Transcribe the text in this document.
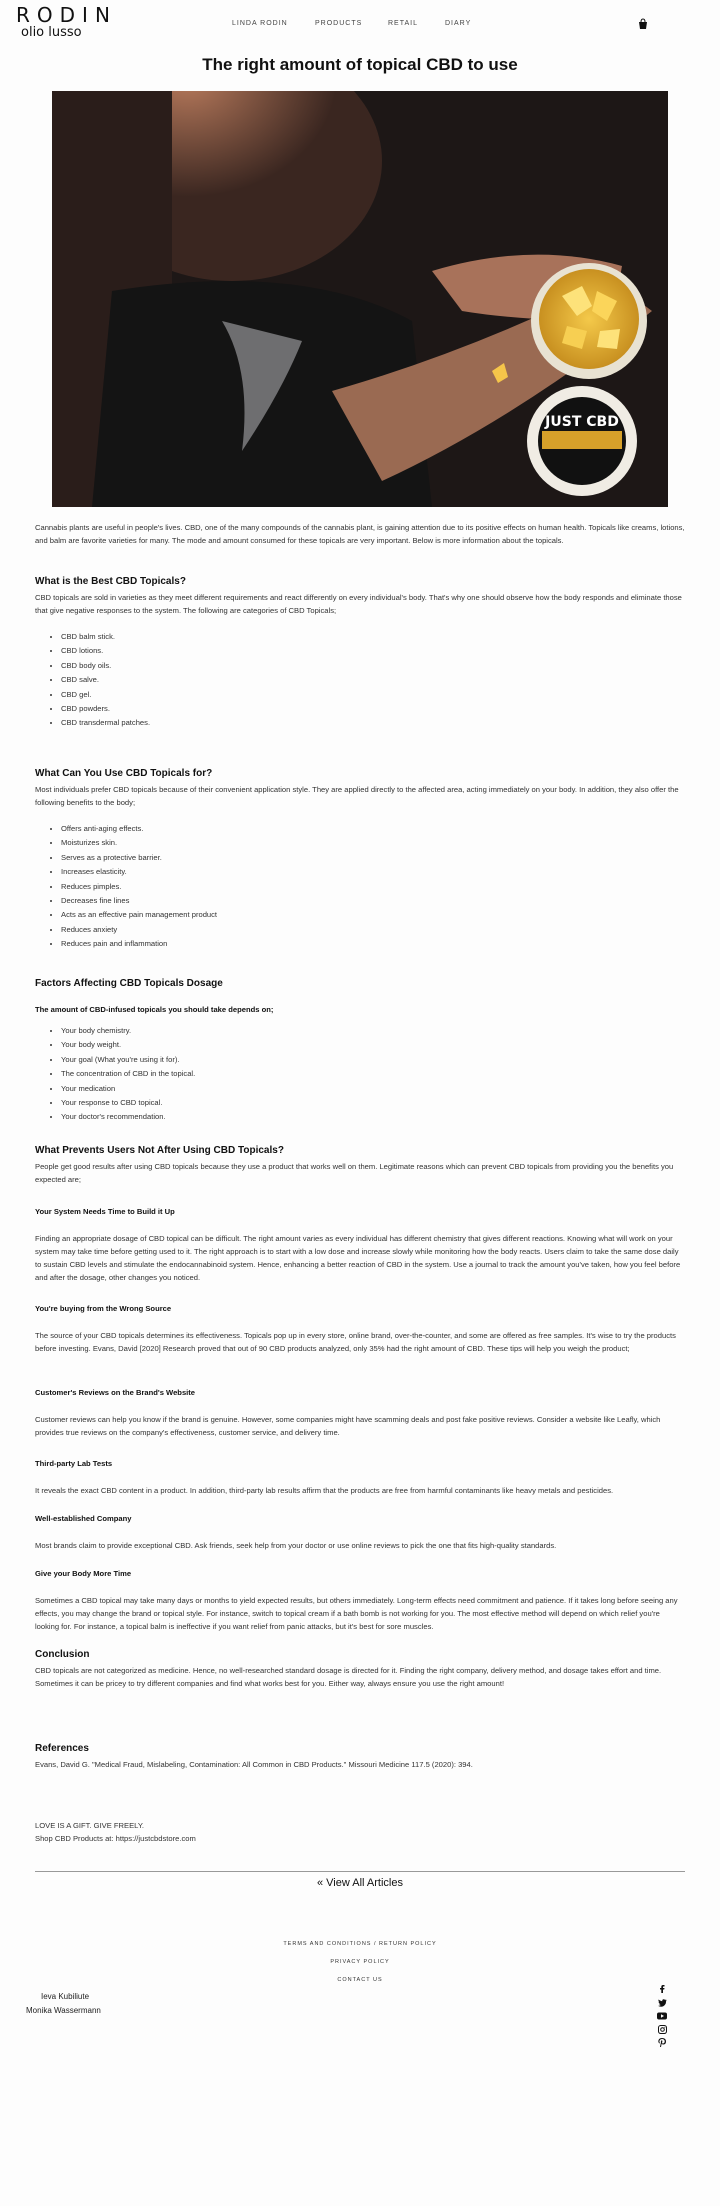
RODIN
olio lusso
LINDA RODIN	PRODUCTS	RETAIL	DIARY
The right amount of topical CBD to use
JUST CBD

Cannabis plants are useful in people's lives. CBD, one of the many compounds of the cannabis plant, is gaining attention due to its positive effects on human health. Topicals like creams, lotions, and balm are favorite varieties for many. The mode and amount consumed for these topicals are very important. Below is more information about the topicals.

What is the Best CBD Topicals?

CBD topicals are sold in varieties as they meet different requirements and react differently on every individual's body. That's why one should observe how the body responds and eliminate those that give negative responses to the system. The following are categories of CBD Topicals;

• CBD balm stick.
• CBD lotions.
• CBD body oils.
• CBD salve.
• CBD gel.
• CBD powders.
• CBD transdermal patches.
What Can You Use CBD Topicals for?

Most individuals prefer CBD topicals because of their convenient application style. They are applied directly to the affected area, acting immediately on your body. In addition, they also offer the following benefits to the body;

• Offers anti-aging effects.
• Moisturizes skin.
• Serves as a protective barrier.
• Increases elasticity.
• Reduces pimples.
• Decreases fine lines
• Acts as an effective pain management product
• Reduces anxiety
• Reduces pain and inflammation
Factors Affecting CBD Topicals Dosage
The amount of CBD-infused topicals you should take depends on;
• Your body chemistry.
• Your body weight.
• Your goal (What you're using it for).
• The concentration of CBD in the topical.
• Your medication
• Your response to CBD topical.
• Your doctor's recommendation.
What Prevents Users Not After Using CBD Topicals?

People get good results after using CBD topicals because they use a product that works well on them. Legitimate reasons which can prevent CBD topicals from providing you the benefits you expected are;

Your System Needs Time to Build it Up

Finding an appropriate dosage of CBD topical can be difficult. The right amount varies as every individual has different chemistry that gives different reactions. Knowing what will work on your system may take time before getting used to it. The right approach is to start with a low dose and increase slowly while monitoring how the body reacts. Users claim to take the same dose daily to sustain CBD levels and stimulate the endocannabinoid system. Hence, enhancing a better reaction of CBD in the system. Use a journal to track the amount you've taken, how you feel before and after the dosage, other changes you noticed.

You're buying from the Wrong Source

The source of your CBD topicals determines its effectiveness. Topicals pop up in every store, online brand, over-the-counter, and some are offered as free samples. It's wise to try the products before investing. Evans, David [2020] Research proved that out of 90 CBD products analyzed, only 35% had the right amount of CBD. These tips will help you weigh the product;

Customer's Reviews on the Brand's Website

Customer reviews can help you know if the brand is genuine. However, some companies might have scamming deals and post fake positive reviews. Consider a website like Leafly, which provides true reviews on the company's effectiveness, customer service, and delivery time.

Third-party Lab Tests

It reveals the exact CBD content in a product. In addition, third-party lab results affirm that the products are free from harmful contaminants like heavy metals and pesticides.

Well-established Company

Most brands claim to provide exceptional CBD. Ask friends, seek help from your doctor or use online reviews to pick the one that fits high-quality standards.

Give your Body More Time

Sometimes a CBD topical may take many days or months to yield expected results, but others immediately. Long-term effects need commitment and patience. If it takes long before seeing any effects, you may change the brand or topical style. For instance, switch to topical cream if a bath bomb is not working for you. The most effective method will depend on which relief you're looking for. For instance, a topical balm is ineffective if you want relief from panic attacks, but it's best for sore muscles.

Conclusion

CBD topicals are not categorized as medicine. Hence, no well-researched standard dosage is directed for it. Finding the right company, delivery method, and dosage takes effort and time. Sometimes it can be pricey to try different companies and find what works best for you. Either way, always ensure you use the right amount!

References

Evans, David G. "Medical Fraud, Mislabeling, Contamination: All Common in CBD Products." Missouri Medicine 117.5 (2020): 394.

LOVE IS A GIFT. GIVE FREELY.

Shop CBD Products at: https://justcbdstore.com

« View All Articles
TERMS AND CONDITIONS / RETURN POLICY
PRIVACY POLICY
CONTACT US
Ieva Kubiliute
Monika Wassermann
